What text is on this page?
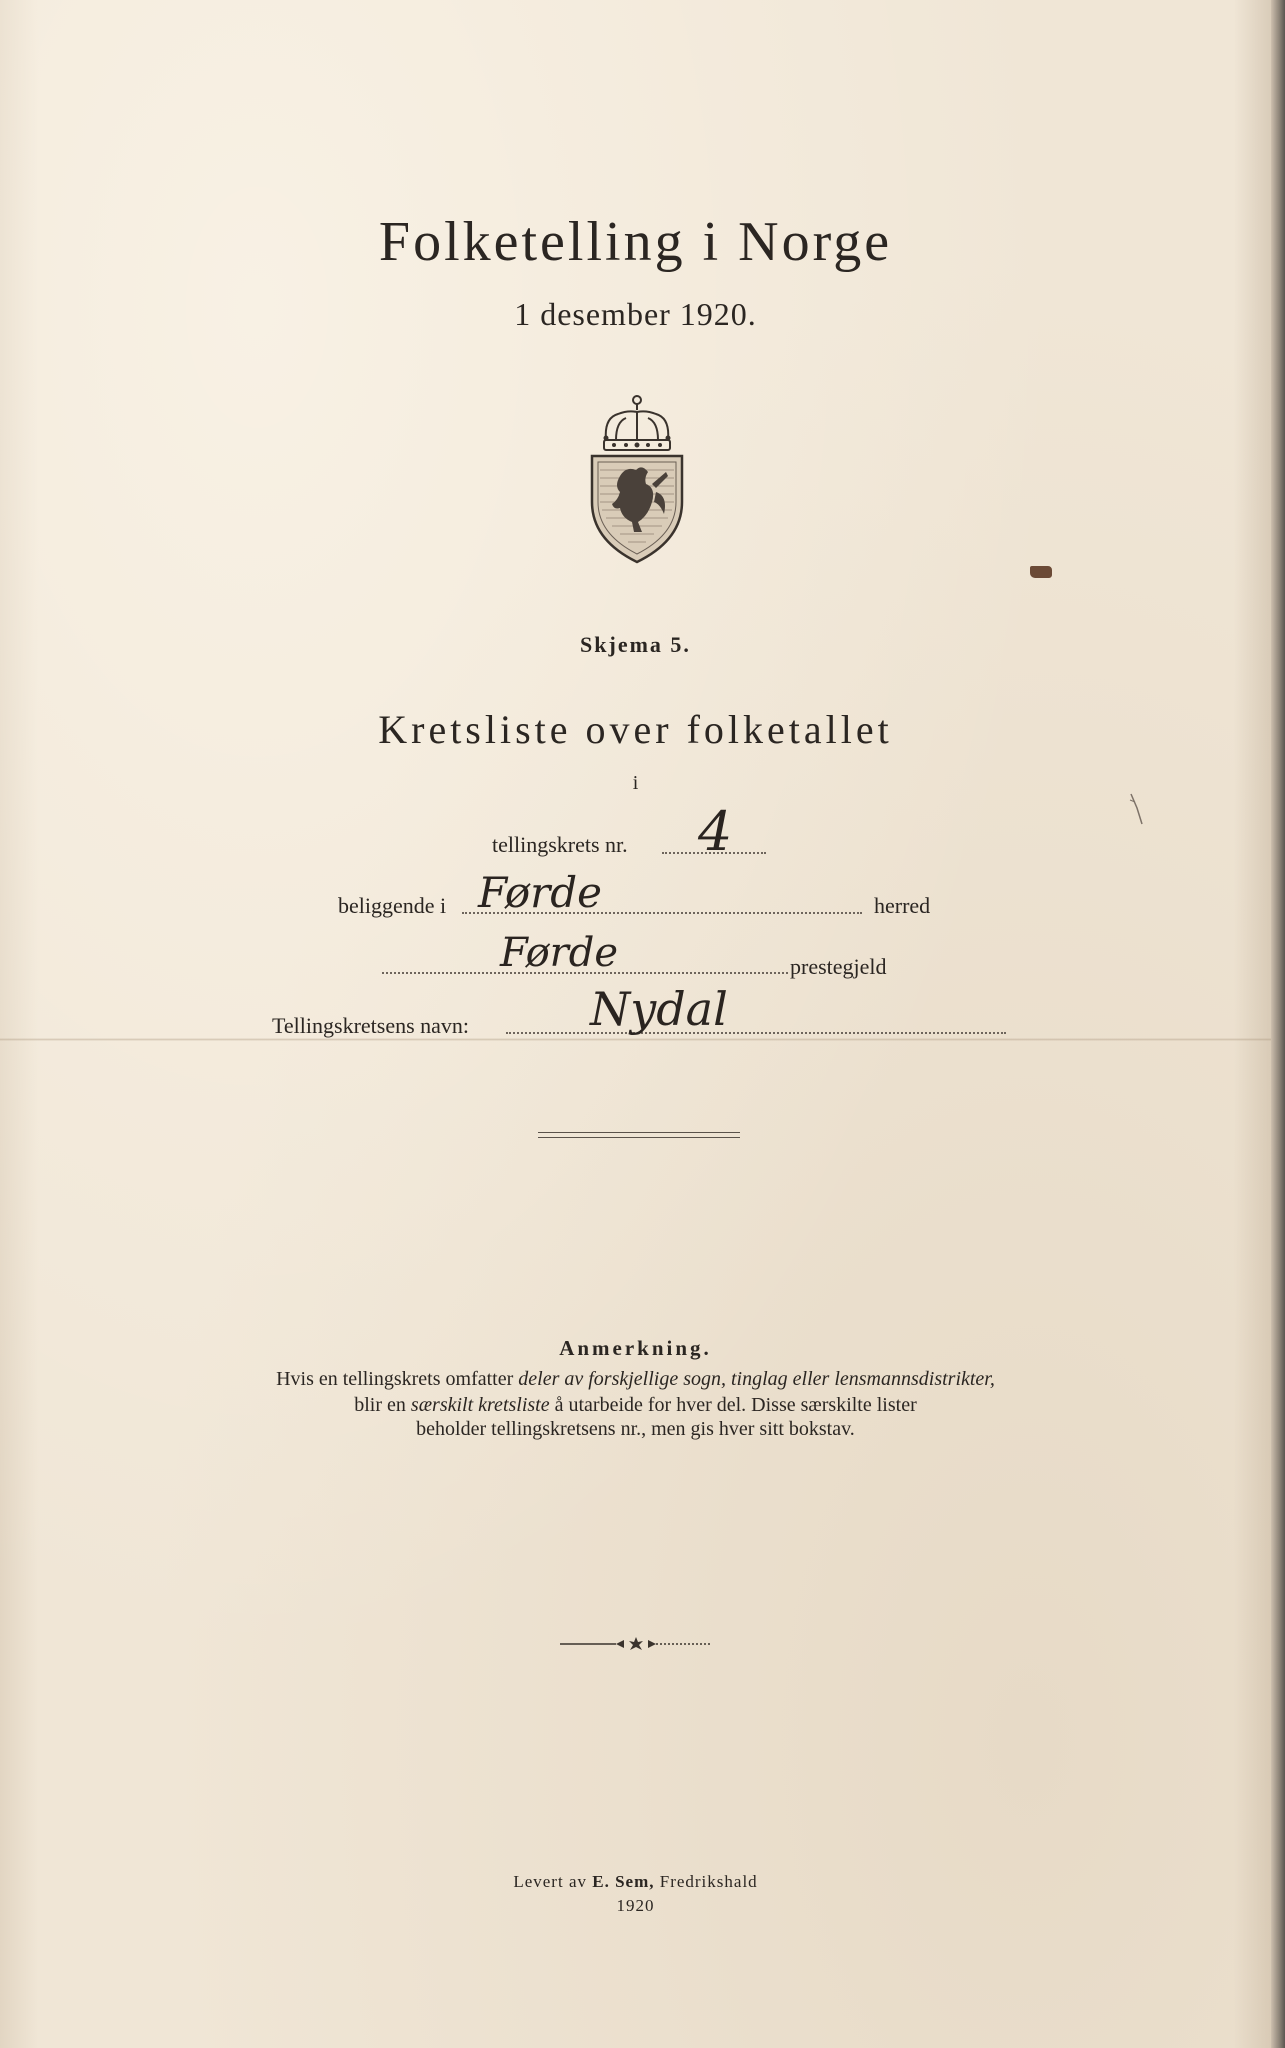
Folketelling i Norge
1 desember 1920.
Skjema 5.
Kretsliste over folketallet
i
tellingskrets nr. 4
beliggende i Førde	herred
Førde	prestegjeld
Tellingskretsens navn:	Nydal
Anmerkning.
Hvis en tellingskrets omfatter deler av forskjellige sogn, tinglag eller lensmannsdistrikter,
blir en særskilt kretsliste å utarbeide for hver del. Disse særskilte lister
beholder tellingskretsens nr., men gis hver sitt bokstav.
Levert av E. Sem, Fredrikshald
1920
